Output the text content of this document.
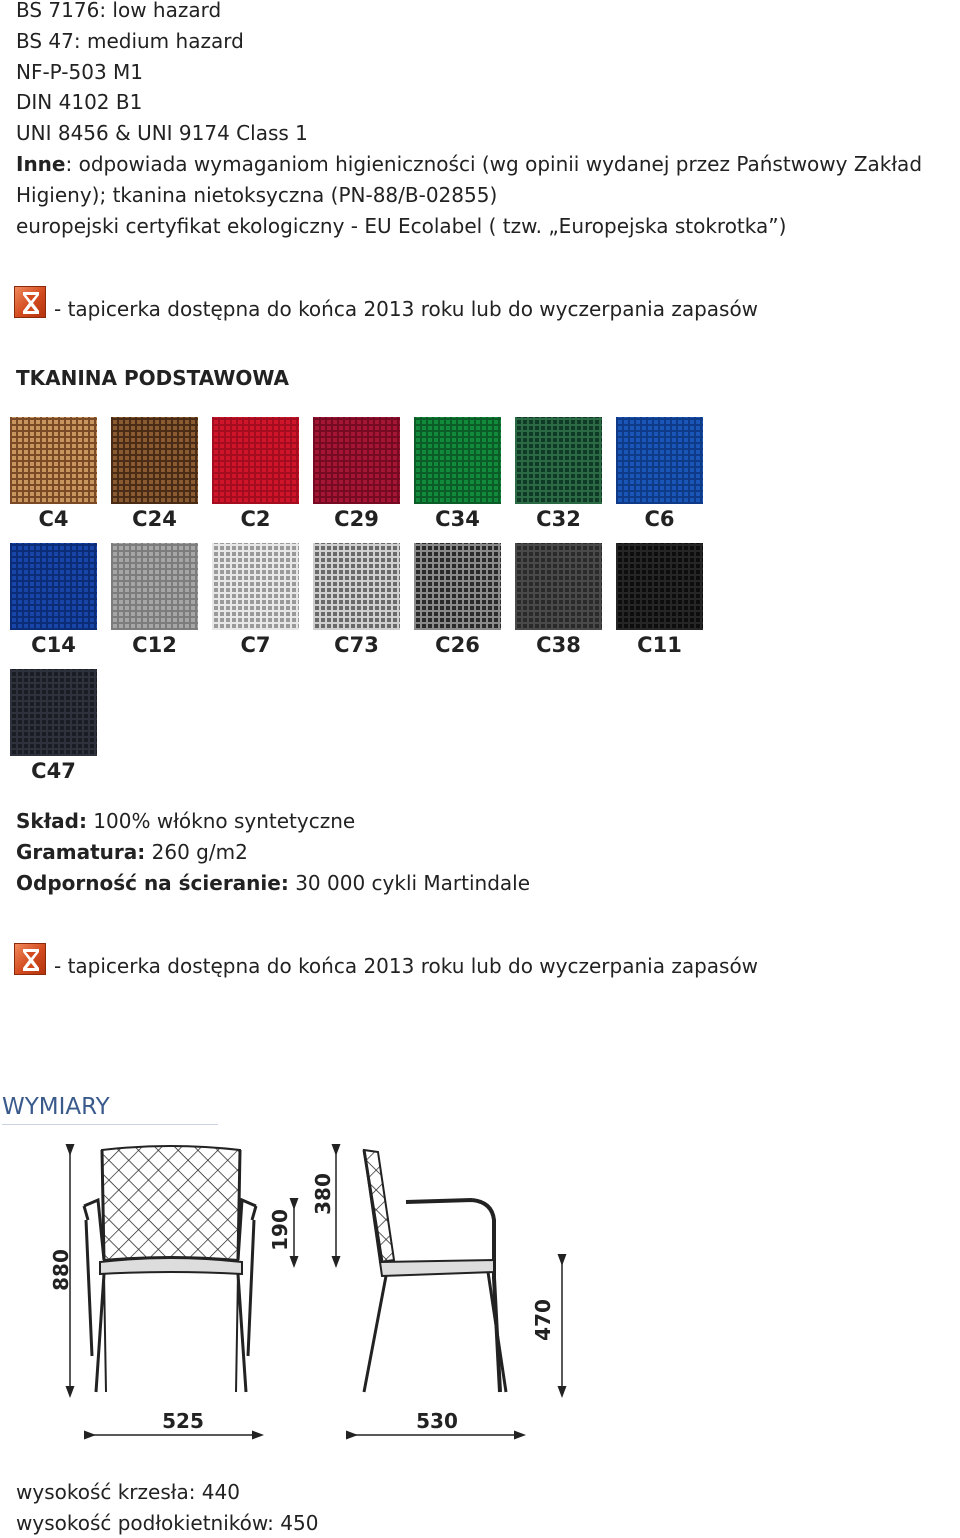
BS 7176: low hazard
BS 47: medium hazard
NF-P-503 M1
DIN 4102 B1
UNI 8456 & UNI 9174 Class 1
Inne: odpowiada wymaganiom higieniczności (wg opinii wydanej przez Państwowy Zakład
Higieny); tkanina nietoksyczna (PN-88/B-02855)
europejski certyfikat ekologiczny - EU Ecolabel ( tzw. „Europejska stokrotka”)
- tapicerka dostępna do końca 2013 roku lub do wyczerpania zapasów
TKANINA PODSTAWOWA
C4	C24	C2	C29	C34	C32	C6
C14	C12	C7	C73	C26	C38	C11
C47
Skład: 100% włókno syntetyczne
Gramatura: 260 g/m2
Odporność na ścieranie: 30 000 cykli Martindale
- tapicerka dostępna do końca 2013 roku lub do wyczerpania zapasów
WYMIARY
880
190
380
525
470
530
wysokość krzesła: 440
wysokość podłokietników: 450
